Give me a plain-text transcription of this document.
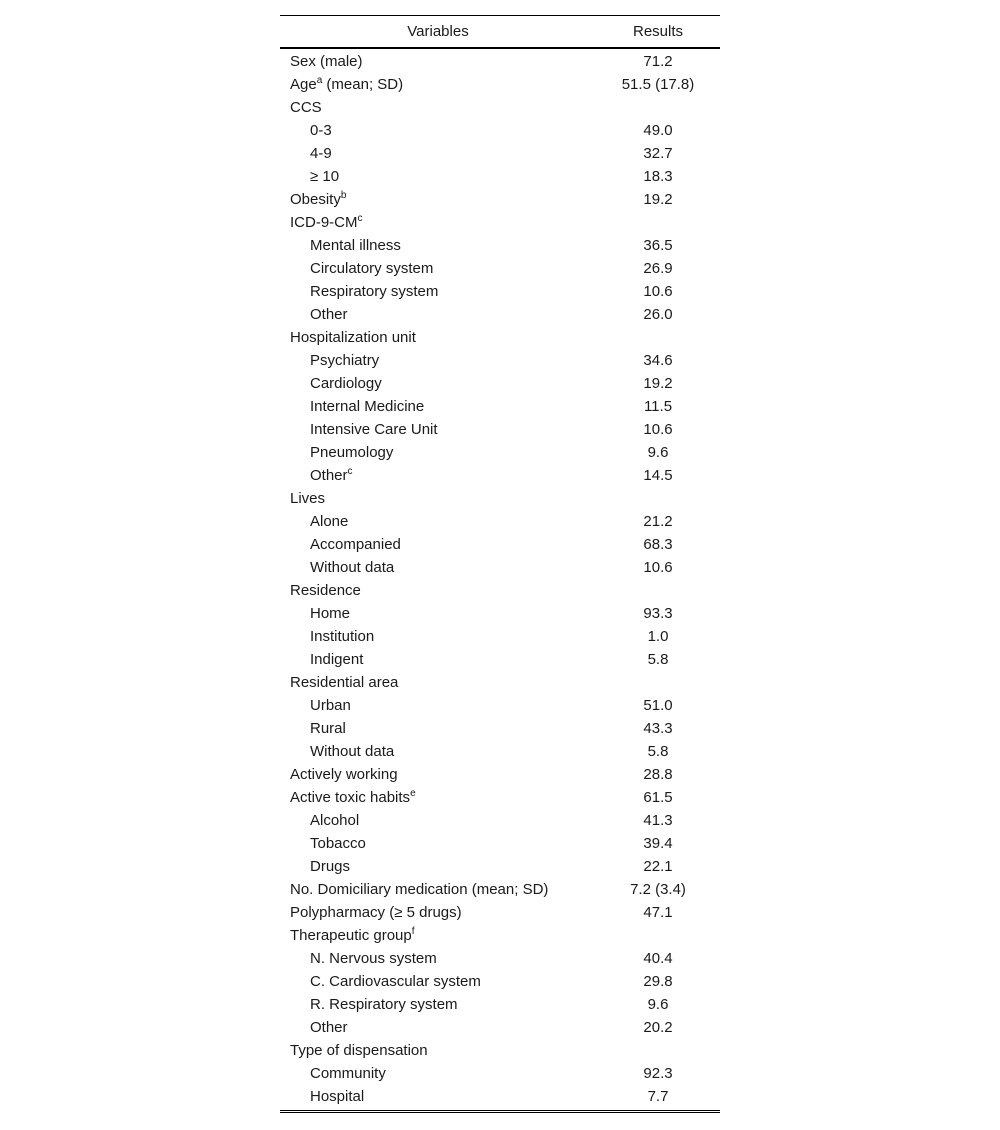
Variables	Results
Sex (male)	71.2
Age$^a$ (mean; SD)	51.5 (17.8)
CCS	
0-3	49.0
4-9	32.7
≥ 10	18.3
Obesity$^b$	19.2
ICD-$9-CM^c$	
Mental illness	36.5
Circulatory system	26.9
Respiratory system	10.6
Other	26.0
Hospitalization unit	
Psychiatry	34.6
Cardiology	19.2
Internal Medicine	11.5
Intensive Care Unit	10.6
Pneumology	9.6
Other$^c$	14.5
Lives	
Alone	21.2
Accompanied	68.3
Without data	10.6
Residence	
Home	93.3
Institution	1.0
Indigent	5.8
Residential area	
Urban	51.0
Rural	43.3
Without data	5.8
Actively working	28.8
Active toxic habits$^e$	61.5
Alcohol	41.3
Tobacco	39.4
Drugs	22.1
No. Domiciliary medication (mean; SD)	7.2 (3.4)
Polypharmacy (≥ 5 drugs)	47.1
Therapeutic group$^f$	
N. Nervous system	40.4
C. Cardiovascular system	29.8
R. Respiratory system	9.6
Other	20.2
Type of dispensation	
Community	92.3
Hospital	7.7
